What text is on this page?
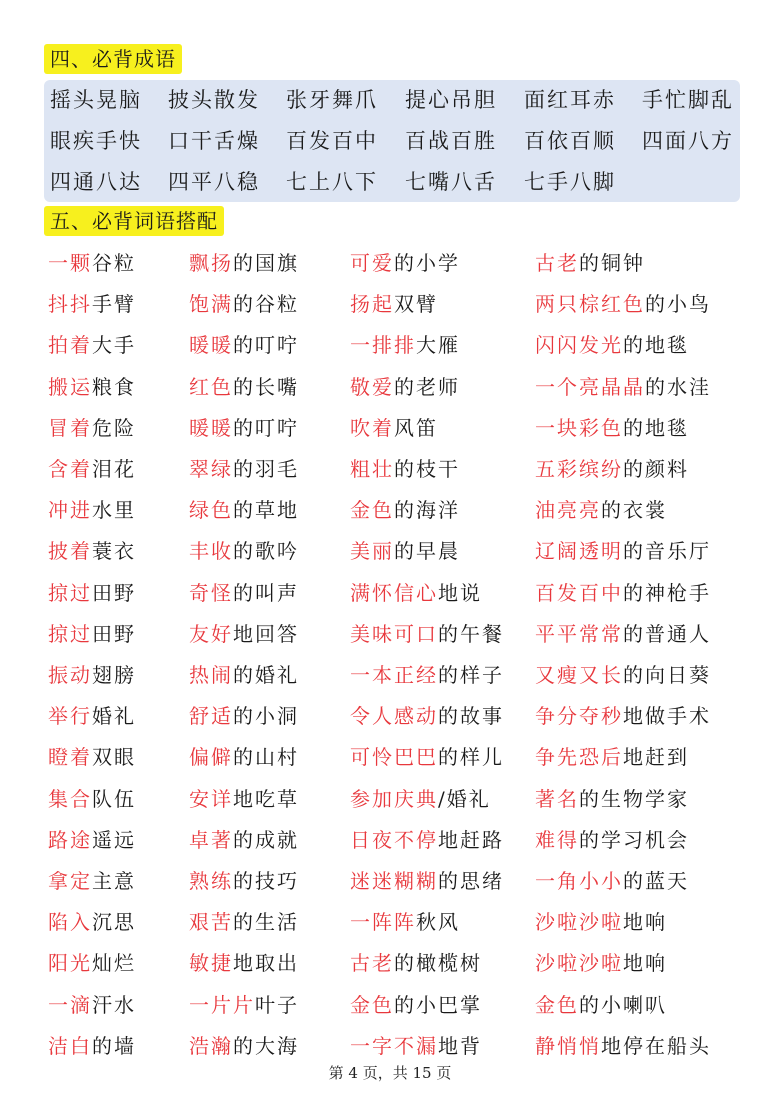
四、必背成语
摇头晃脑 披头散发 张牙舞爪 提心吊胆 面红耳赤 手忙脚乱
眼疾手快 口干舌燥 百发百中 百战百胜 百依百顺 四面八方
四通八达 四平八稳 七上八下 七嘴八舌 七手八脚
五、必背词语搭配
一颗谷粒	飘扬的国旗	可爱的小学	古老的铜钟
抖抖手臂	饱满的谷粒	扬起双臂	两只棕红色的小鸟
拍着大手	暖暖的叮咛	一排排大雁	闪闪发光的地毯
搬运粮食	红色的长嘴	敬爱的老师	一个亮晶晶的水洼
冒着危险	暖暖的叮咛	吹着风笛	一块彩色的地毯
含着泪花	翠绿的羽毛	粗壮的枝干	五彩缤纷的颜料
冲进水里	绿色的草地	金色的海洋	油亮亮的衣裳
披着蓑衣	丰收的歌吟	美丽的早晨	辽阔透明的音乐厅
掠过田野	奇怪的叫声	满怀信心地说	百发百中的神枪手
掠过田野	友好地回答	美味可口的午餐 平平常常的普通人
振动翅膀	热闹的婚礼	一本正经的样子 又瘦又长的向日葵
举行婚礼	舒适的小洞	令人感动的故事 争分夺秒地做手术
瞪着双眼	偏僻的山村	可怜巴巴的样儿 争先恐后地赶到
集合队伍	安详地吃草	参加庆典/婚礼 著名的生物学家
路途遥远	卓著的成就	日夜不停地赶路 难得的学习机会
拿定主意	熟练的技巧	迷迷糊糊的思绪 一角小小的蓝天
陷入沉思	艰苦的生活	一阵阵秋风	沙啦沙啦地响
阳光灿烂	敏捷地取出	古老的橄榄树	沙啦沙啦地响
一滴汗水	一片片叶子	金色的小巴掌	金色的小喇叭
洁白的墙	浩瀚的大海	一字不漏地背	静悄悄地停在船头
第 4 页，共 15 页
